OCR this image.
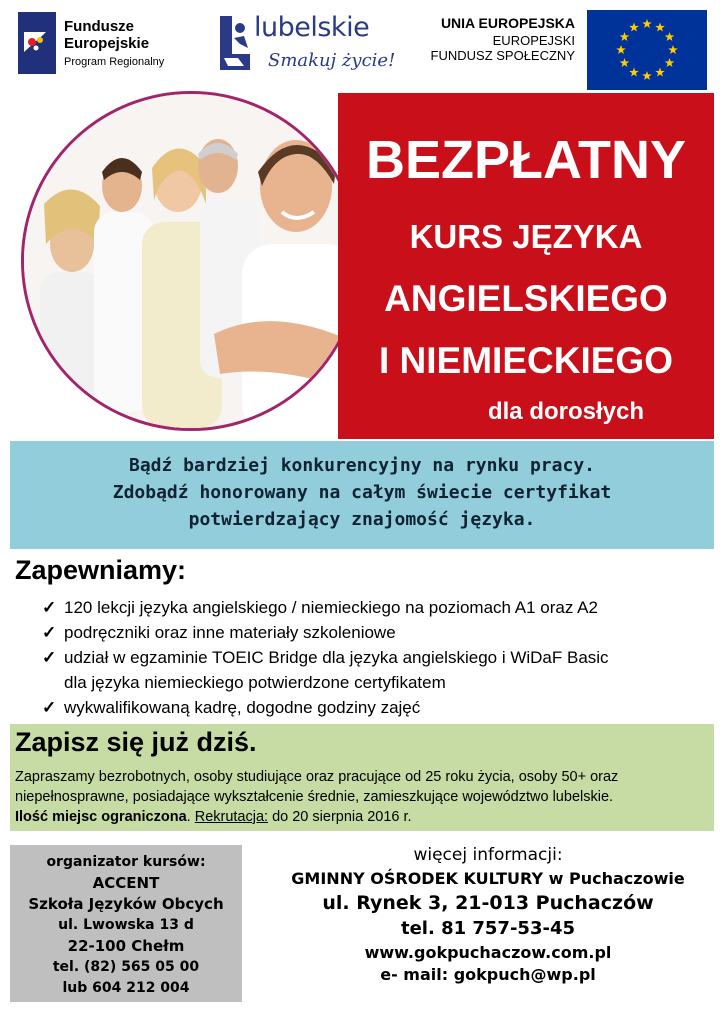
Fundusze
Europejskie
Program Regionalny
lubelskie
Smakuj życie!
UNIA EUROPEJSKA
EUROPEJSKI
FUNDUSZ SPOŁECZNY
BEZPŁATNY
KURS JĘZYKA
ANGIELSKIEGO
I NIEMIECKIEGO
dla dorosłych
Bądź bardziej konkurencyjny na rynku pracy.
Zdobądź honorowany na całym świecie certyfikat
potwierdzający znajomość języka.
Zapewniamy:
✓ 120 lekcji języka angielskiego / niemieckiego na poziomach A1 oraz A2
✓ podręczniki oraz inne materiały szkoleniowe
✓ udział w egzaminie TOEIC Bridge dla języka angielskiego i WiDaF Basic
dla języka niemieckiego potwierdzone certyfikatem
✓ wykwalifikowaną kadrę, dogodne godziny zajęć
Zapisz się już dziś.
Zapraszamy bezrobotnych, osoby studiujące oraz pracujące od 25 roku życia, osoby 50+ oraz niepełnosprawne, posiadające wykształcenie średnie, zamieszkujące województwo lubelskie.
Ilość miejsc ograniczona. Rekrutacja: do 20 sierpnia 2016 r.
organizator kursów:
ACCENT
Szkoła Języków Obcych
ul. Lwowska 13 d
22-100 Chełm
tel. (82) 565 05 00
lub 604 212 004
więcej informacji:
GMINNY OŚRODEK KULTURY w Puchaczowie
ul. Rynek 3, 21-013 Puchaczów
tel. 81 757-53-45
www.gokpuchaczow.com.pl
e- mail: gokpuch@wp.pl
